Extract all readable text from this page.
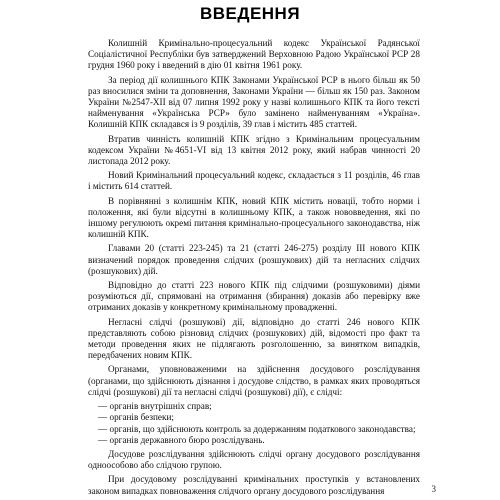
ВВЕДЕННЯ

Колишній Кримінально-процесуальний кодекс Української Радянської Соціалістичної Республіки був затверджений Верховною Радою Української РСР 28 грудня 1960 року і введений в дію 01 квітня 1961 року.

За період дії колишнього КПК Законами Української РСР в нього більш як 50 раз вносилися зміни та доповнення, Законами України — більш як 150 раз. Законом України №2547-XII від 07 липня 1992 року у назві колишнього КПК та його тексті найменування «Українська РСР» було замінено найменуванням «Україна». Колишній КПК складався із 9 розділів, 39 глав і містить 485 статтей.

Втратив чинність колишній КПК згідно з Кримінальним процесуальним кодексом України №4651-VI від 13 квітня 2012 року, який набрав чинності 20 листопада 2012 року.

Новий Кримінальний процесуальний кодекс, складається з 11 розділів, 46 глав і містить 614 статтей.

В порівнянні з колишнім КПК, новий КПК містить новації, тобто норми і положення, які були відсутні в колишньому КПК, а також нововведення, які по іншому регулюють окремі питання кримінально-процесуального законодавства, ніж колишній КПК.

Главами 20 (статті 223-245) та 21 (статті 246-275) розділу III нового КПК визначений порядок проведення слідчих (розшукових) дій та негласних слідчих (розшукових) дій.

Відповідно до статті 223 нового КПК під слідчими (розшуковими) діями розуміються дії, спрямовані на отримання (збирання) доказів або перевірку вже отриманих доказів у конкретному кримінальному провадженні.

Негласні слідчі (розшукові) дії, відповідно до статті 246 нового КПК представляють собою різновид слідчих (розшукових) дій, відомості про факт та методи проведення яких не підлягають розголошенню, за винятком випадків, передбачених новим КПК.

Органами, уповноваженими на здійснення досудового розслідування (органами, що здійснюють дізнання і досудове слідство, в рамках яких проводяться слідчі (розшукові) дії та негласні слідчі (розшукові) дії), є слідчі:

— органів внутрішніх справ;

— органів безпеки;

— органів, що здійснюють контроль за додержанням податкового законодавства;

— органів державного бюро розслідувань.

Досудове розслідування здійснюють слідчі органу досудового розслідування одноособово або слідчою групою.

При досудовому розслідуванні кримінальних проступків у встановлених законом випадках повноваження слідчого органу досудового розслідування	3
